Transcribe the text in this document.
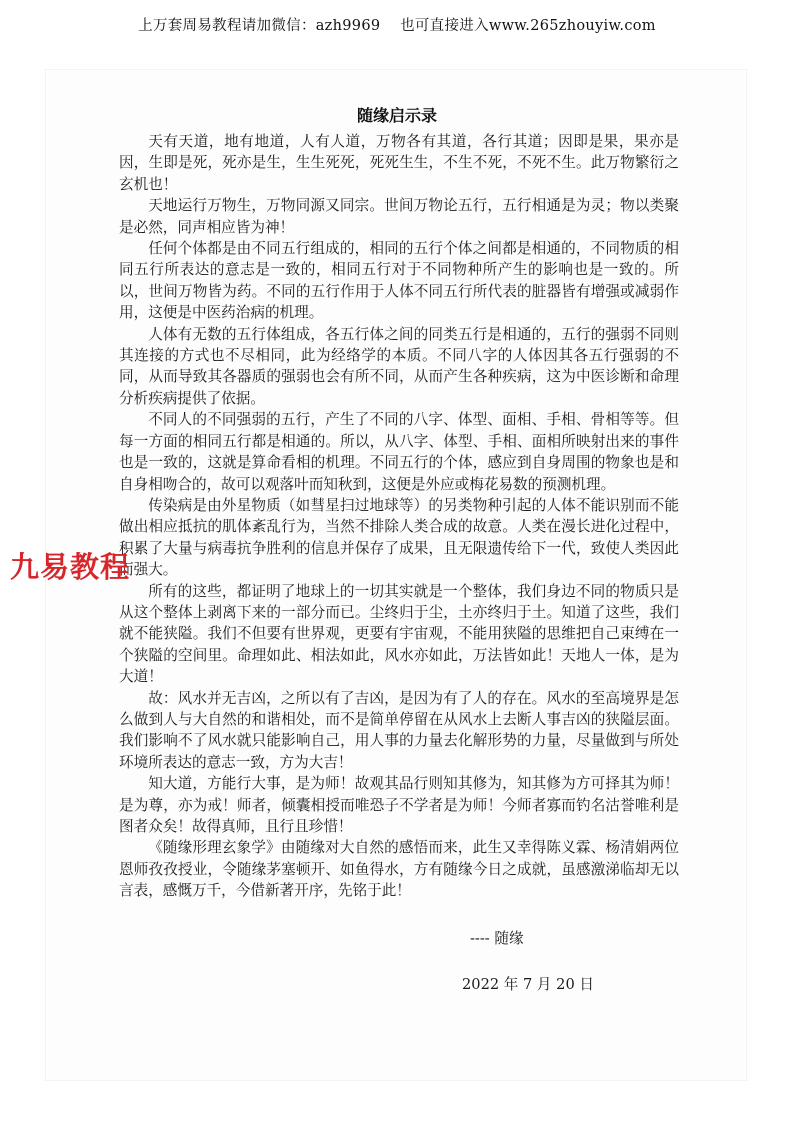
上万套周易教程请加微信：azh9969　 也可直接进入www.265zhouyiw.com
随缘启示录

天有天道，地有地道，人有人道，万物各有其道，各行其道；因即是果，果亦是因，生即是死，死亦是生，生生死死，死死生生，不生不死，不死不生。此万物繁衍之玄机也！

天地运行万物生，万物同源又同宗。世间万物论五行，五行相通是为灵；物以类聚是必然，同声相应皆为神！

任何个体都是由不同五行组成的，相同的五行个体之间都是相通的，不同物质的相同五行所表达的意志是一致的，相同五行对于不同物种所产生的影响也是一致的。所以，世间万物皆为药。不同的五行作用于人体不同五行所代表的脏器皆有增强或减弱作用，这便是中医药治病的机理。

人体有无数的五行体组成，各五行体之间的同类五行是相通的，五行的强弱不同则其连接的方式也不尽相同，此为经络学的本质。不同八字的人体因其各五行强弱的不同，从而导致其各器质的强弱也会有所不同，从而产生各种疾病，这为中医诊断和命理分析疾病提供了依据。

不同人的不同强弱的五行，产生了不同的八字、体型、面相、手相、骨相等等。但每一方面的相同五行都是相通的。所以，从八字、体型、手相、面相所映射出来的事件也是一致的，这就是算命看相的机理。不同五行的个体，感应到自身周围的物象也是和自身相吻合的，故可以观落叶而知秋到，这便是外应或梅花易数的预测机理。

传染病是由外星物质（如彗星扫过地球等）的另类物种引起的人体不能识别而不能做出相应抵抗的肌体紊乱行为，当然不排除人类合成的故意。人类在漫长进化过程中，积累了大量与病毒抗争胜利的信息并保存了成果，且无限遗传给下一代，致使人类因此而强大。

所有的这些，都证明了地球上的一切其实就是一个整体，我们身边不同的物质只是从这个整体上剥离下来的一部分而已。尘终归于尘，土亦终归于土。知道了这些，我们就不能狭隘。我们不但要有世界观，更要有宇宙观，不能用狭隘的思维把自己束缚在一个狭隘的空间里。命理如此、相法如此，风水亦如此，万法皆如此！天地人一体，是为大道！

故：风水并无吉凶，之所以有了吉凶，是因为有了人的存在。风水的至高境界是怎么做到人与大自然的和谐相处，而不是简单停留在从风水上去断人事吉凶的狭隘层面。我们影响不了风水就只能影响自己，用人事的力量去化解形势的力量，尽量做到与所处环境所表达的意志一致，方为大吉！

知大道，方能行大事，是为师！故观其品行则知其修为，知其修为方可择其为师！是为尊，亦为戒！师者，倾囊相授而唯恐子不学者是为师！今师者寡而钓名沽誉唯利是图者众矣！故得真师，且行且珍惜！

《随缘形理玄象学》由随缘对大自然的感悟而来，此生又幸得陈义霖、杨清娟两位恩师孜孜授业，令随缘茅塞顿开、如鱼得水，方有随缘今日之成就，虽感激涕临却无以言表，感慨万千，今借新著开序，先铭于此！

九易教程
---- 随缘
2022 年 7 月 20 日
